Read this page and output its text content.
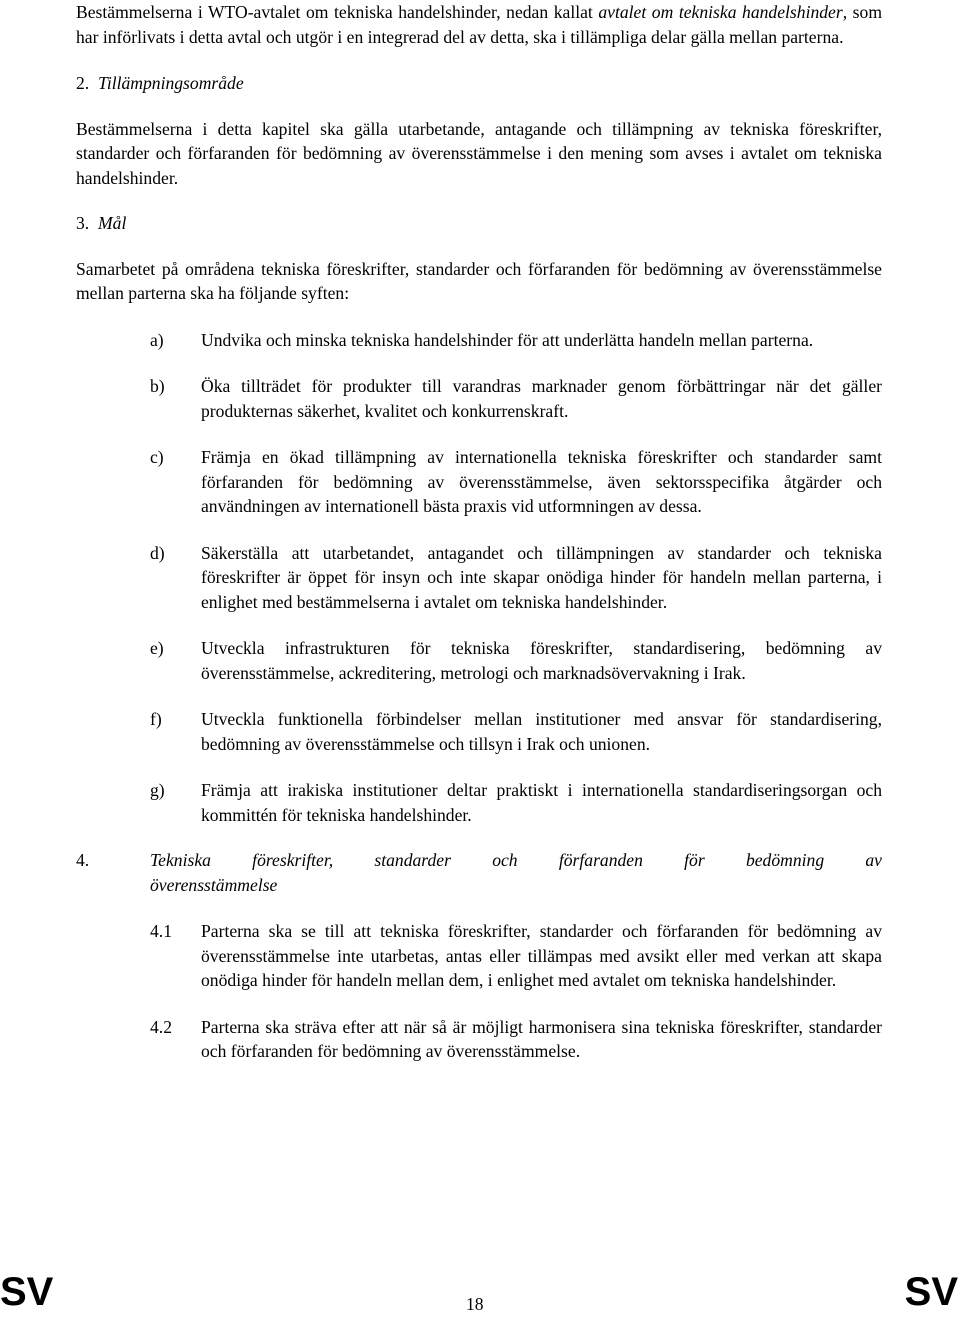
Bestämmelserna i WTO-avtalet om tekniska handelshinder, nedan kallat avtalet om tekniska handelshinder, som har införlivats i detta avtal och utgör i en integrerad del av detta, ska i tillämpliga delar gälla mellan parterna.

2. Tillämpningsområde

Bestämmelserna i detta kapitel ska gälla utarbetande, antagande och tillämpning av tekniska föreskrifter, standarder och förfaranden för bedömning av överensstämmelse i den mening som avses i avtalet om tekniska handelshinder.

3. Mål

Samarbetet på områdena tekniska föreskrifter, standarder och förfaranden för bedömning av överensstämmelse mellan parterna ska ha följande syften:

a)	Undvika och minska tekniska handelshinder för att underlätta handeln mellan parterna.
b)	Öka tillträdet för produkter till varandras marknader genom förbättringar när det gäller produkternas säkerhet, kvalitet och konkurrenskraft.
c)	Främja en ökad tillämpning av internationella tekniska föreskrifter och standarder samt förfaranden för bedömning av överensstämmelse, även sektorsspecifika åtgärder och användningen av internationell bästa praxis vid utformningen av dessa.
d)	Säkerställa att utarbetandet, antagandet och tillämpningen av standarder och tekniska föreskrifter är öppet för insyn och inte skapar onödiga hinder för handeln mellan parterna, i enlighet med bestämmelserna i avtalet om tekniska handelshinder.
e)	Utveckla infrastrukturen för tekniska föreskrifter, standardisering, bedömning av överensstämmelse, ackreditering, metrologi och marknadsövervakning i Irak.
f)	Utveckla funktionella förbindelser mellan institutioner med ansvar för standardisering, bedömning av överensstämmelse och tillsyn i Irak och unionen.
g)	Främja att irakiska institutioner deltar praktiskt i internationella standardiseringsorgan och kommittén för tekniska handelshinder.
4.	Tekniska föreskrifter, standarder och förfaranden för bedömning av
överensstämmelse
4.1	Parterna ska se till att tekniska föreskrifter, standarder och förfaranden för bedömning av överensstämmelse inte utarbetas, antas eller tillämpas med avsikt eller med verkan att skapa onödiga hinder för handeln mellan dem, i enlighet med avtalet om tekniska handelshinder.
4.2	Parterna ska sträva efter att när så är möjligt harmonisera sina tekniska föreskrifter, standarder och förfaranden för bedömning av överensstämmelse.
SV	18	SV
